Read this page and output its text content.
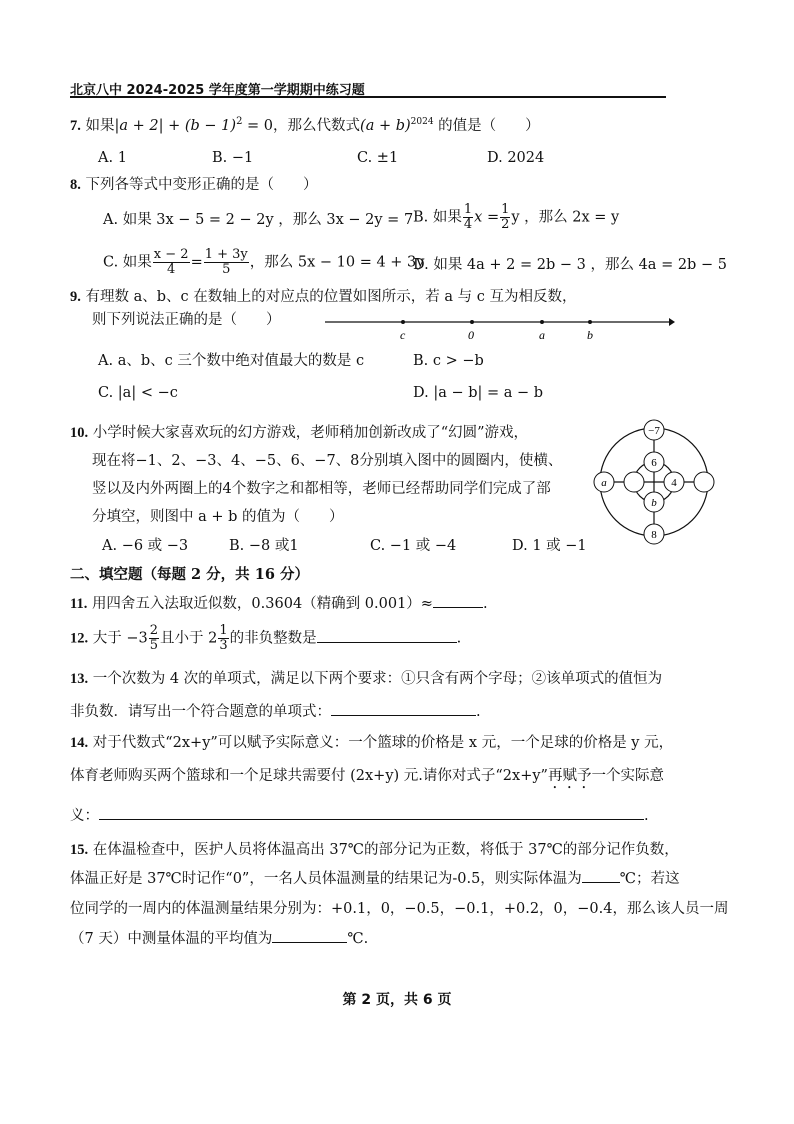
北京八中 2024-2025 学年度第一学期期中练习题
7. 如果$|a + 2| + (b - 1)^2 = 0$，那么代数式$(a + b)^{2024}$ 的值是（　　）
A. 1	B. −1	C. ±1	D. 2024
8. 下列各等式中变形正确的是（　　）
A. 如果 3x − 5 = 2 − 2y ，那么 3x − 2y = 7 B. 如果 $\frac{1}{4}$ $x = \frac{1}{2}$ y ，那么 2x = y
C. 如果 $\frac{x - 2}{4} = \frac{1 + 3y}{5}$ ，那么 5x − 10 = 4 + 3y
D. 如果 4a + 2 = 2b − 3 ，那么 4a = 2b − 5
9. 有理数 a、b、c 在数轴上的对应点的位置如图所示，若 a 与 c 互为相反数，
则下列说法正确的是（　　）
c	0	a	b
A. a、b、c 三个数中绝对值最大的数是 c	B. c > −b
C. |a| < −c	D. |a − b| = a − b
10. 小学时候大家喜欢玩的幻方游戏，老师稍加创新改成了“幻圆”游戏，
现在将−1、2、−3、4、−5、6、−7、8分别填入图中的圆圈内，使横、
竖以及内外两圈上的4个数字之和都相等，老师已经帮助同学们完成了部
分填空，则图中 a + b 的值为（　　）
A. −6 或 −3	B. −8 或1	C. −1 或 −4	D. 1 或 −1
−7
6
a	4
b
8
二、填空题（每题 2 分，共 16 分）
11. 用四舍五入法取近似数，0.3604（精确到 0.001）≈	.
12. 大于 $-3 \frac{2}{5}$ 且小于 $2 \frac{1}{3}$ 的非负整数是	.
13. 一个次数为 4 次的单项式，满足以下两个要求：①只含有两个字母；②该单项式的值恒为
非负数．请写出一个符合题意的单项式：	.
14. 对于代数式“2x+y”可以赋予实际意义：一个篮球的价格是 x 元，一个足球的价格是 y 元，
体育老师购买两个篮球和一个足球共需要付 (2x+y) 元.请你对式子“2x+y”再赋予一个实际意
义：	.
15. 在体温检查中，医护人员将体温高出 37℃的部分记为正数，将低于 37℃的部分记作负数，
体温正好是 37℃时记作“0”，一名人员体温测量的结果记为-0.5，则实际体温为	℃；若这
位同学的一周内的体温测量结果分别为：+0.1，0，−0.5，−0.1，+0.2，0，−0.4，那么该人员一周
（7 天）中测量体温的平均值为	℃.
第 2 页，共 6 页
